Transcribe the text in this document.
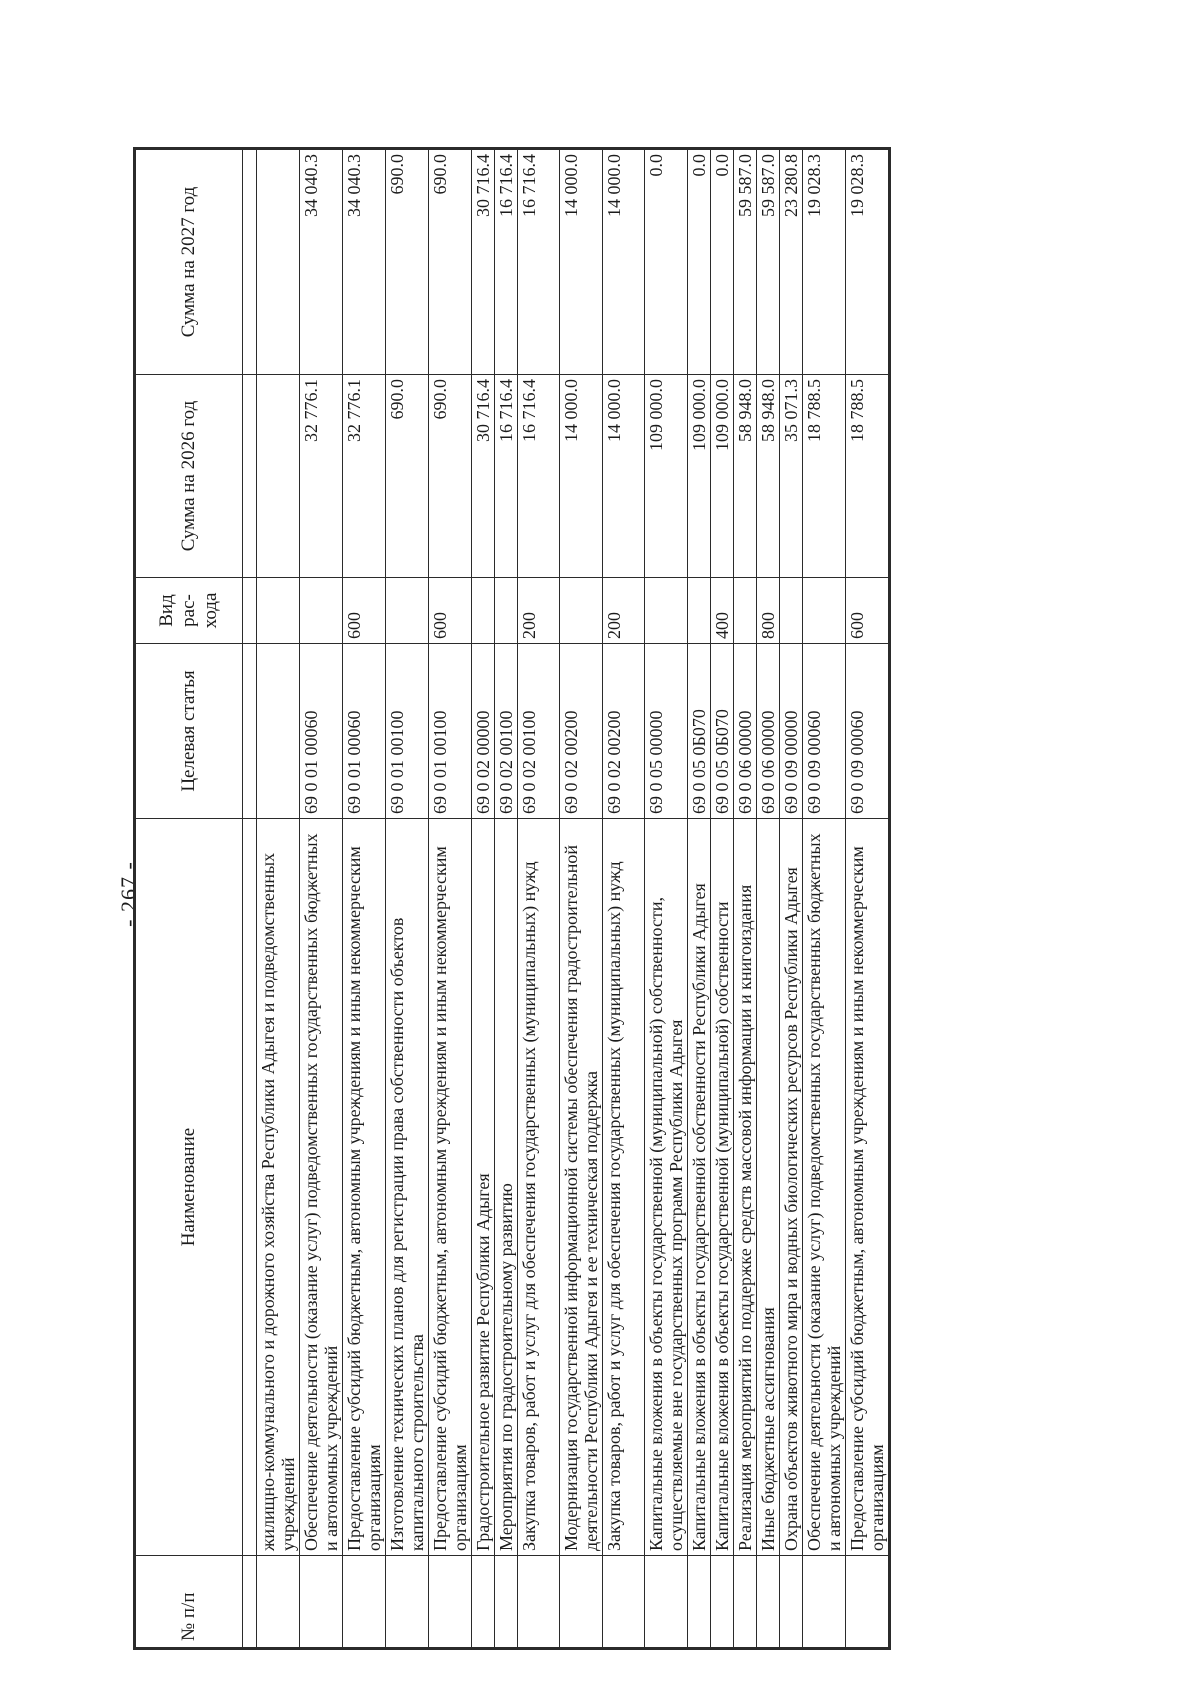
- 267 -
№ п/п	Наименование	Целевая статья	Вид рас-хода	Сумма на 2026 год	Сумма на 2027 год

	жилищно-коммунального и дорожного хозяйства Республики Адыгея и подведомственных учреждений				
	Обеспечение деятельности (оказание услуг) подведомственных государственных бюджетных и автономных учреждений	69 0 01 00060		32 776.1	34 040.3
	Предоставление субсидий бюджетным, автономным учреждениям и иным некоммерческим организациям	69 0 01 00060	600	32 776.1	34 040.3
	Изготовление технических планов для регистрации права собственности объектов капитального строительства	69 0 01 00100		690.0	690.0
	Предоставление субсидий бюджетным, автономным учреждениям и иным некоммерческим организациям	69 0 01 00100	600	690.0	690.0
	Градостроительное развитие Республики Адыгея	69 0 02 00000		30 716.4	30 716.4
	Мероприятия по градостроительному развитию	69 0 02 00100		16 716.4	16 716.4
	Закупка товаров, работ и услуг для обеспечения государственных (муниципальных) нужд	69 0 02 00100	200	16 716.4	16 716.4
	Модернизация государственной информационной системы обеспечения градостроительной деятельности Республики Адыгея и ее техническая поддержка	69 0 02 00200		14 000.0	14 000.0
	Закупка товаров, работ и услуг для обеспечения государственных (муниципальных) нужд	69 0 02 00200	200	14 000.0	14 000.0
	Капитальные вложения в объекты государственной (муниципальной) собственности, осуществляемые вне государственных программ Республики Адыгея	69 0 05 00000		109 000.0	0.0
	Капитальные вложения в объекты государственной собственности Республики Адыгея	69 0 05 0Б070		109 000.0	0.0
	Капитальные вложения в объекты государственной (муниципальной) собственности	69 0 05 0Б070	400	109 000.0	0.0
	Реализация мероприятий по поддержке средств массовой информации и книгоиздания	69 0 06 00000		58 948.0	59 587.0
	Иные бюджетные ассигнования	69 0 06 00000	800	58 948.0	59 587.0
	Охрана объектов животного мира и водных биологических ресурсов Республики Адыгея	69 0 09 00000		35 071.3	23 280.8
	Обеспечение деятельности (оказание услуг) подведомственных государственных бюджетных и автономных учреждений	69 0 09 00060		18 788.5	19 028.3
	Предоставление субсидий бюджетным, автономным учреждениям и иным некоммерческим организациям	69 0 09 00060	600	18 788.5	19 028.3
